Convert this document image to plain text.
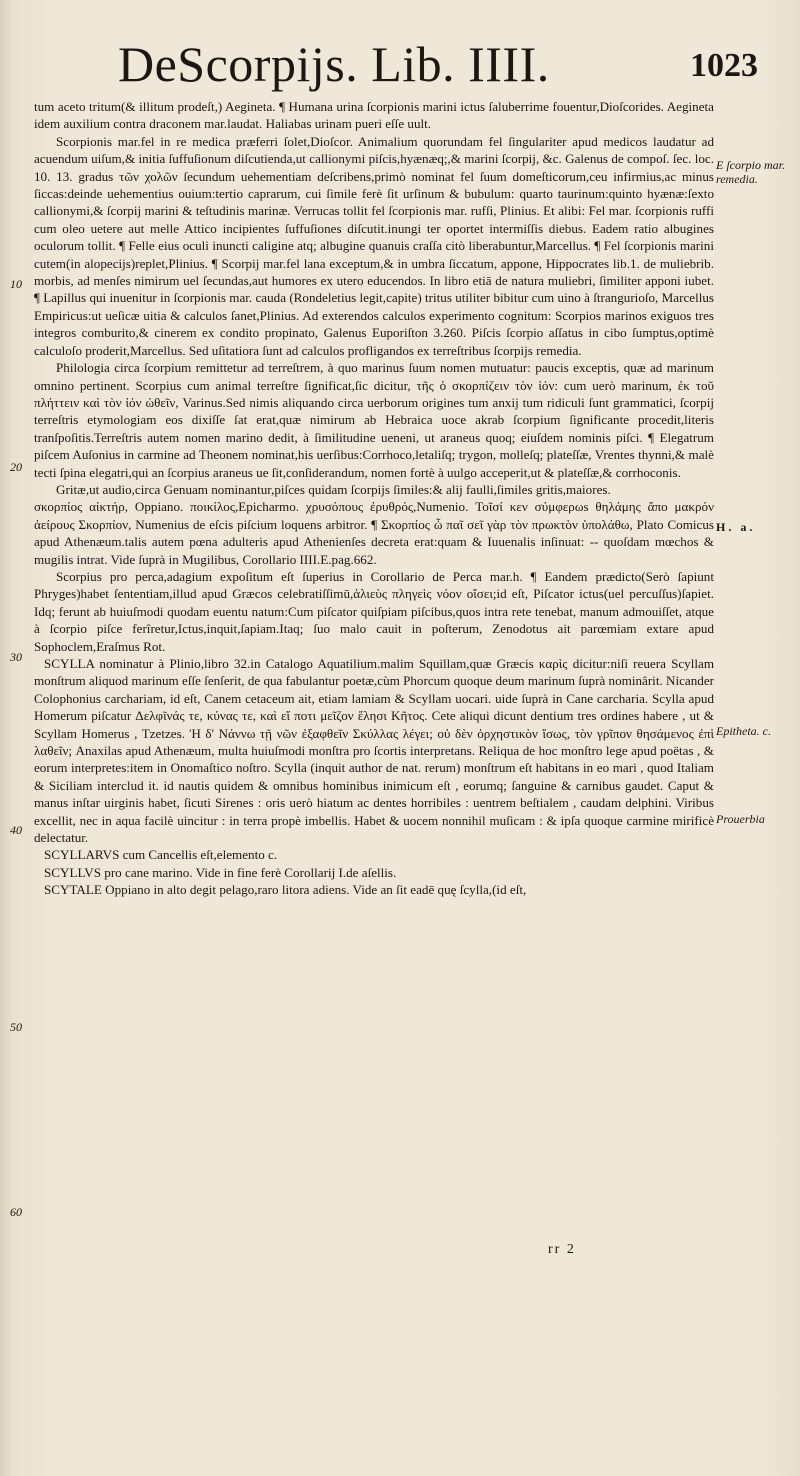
DeScorpijs. Lib. IIII.	1023

tum aceto tritum(& illitum prodeſt,) Aegineta. ¶ Humana urina ſcorpionis marini ictus ſaluberrime fouentur,Dioſcorides. Aegineta idem auxilium contra draconem mar.laudat. Haliabas urinam pueri eſſe uult.

Scorpionis mar.fel in re medica præferri ſolet,Dioſcor. Animalium quorundam fel ſingulariter apud medicos laudatur ad acuendum uiſum,& initia ſuffuſionum diſcutienda,ut callionymi piſcis,hyænæq;,& marini ſcorpij, &c. Galenus de compoſ. ſec. loc. 10. 13. gradus τῶν χολῶν ſecundum uehementiam deſcribens,primò nominat fel ſuum domeſticorum,ceu infirmius,ac minus ſiccas:deinde uehementius ouium:tertio caprarum, cui ſimile ferè ſit urſinum & bubulum: quarto taurinum:quinto hyænæ:ſexto callionymi,& ſcorpij marini & teſtudinis marinæ. Verrucas tollit fel ſcorpionis mar. rufſi, Plinius. Et alibi: Fel mar. ſcorpionis ruffi cum oleo uetere aut melle Attico incipientes ſuffuſiones diſcutit.inungi ter oportet intermiſſis diebus. Eadem ratio albugines oculorum tollit. ¶ Felle eius oculi inuncti caligine atq; albugine quanuis craſſa citò liberabuntur,Marcellus. ¶ Fel ſcorpionis marini cutem(in alopecijs)replet,Plinius. ¶ Scorpij mar.fel lana exceptum,& in umbra ſiccatum, appone, Hippocrates lib.1. de muliebrib. morbis, ad menſes nimirum uel ſecundas,aut humores ex utero educendos. In libro etiā de natura muliebri, ſimiliter apponi iubet. ¶ Lapillus qui inuenitur in ſcorpionis mar. cauda (Rondeletius legit,capite) tritus utiliter bibitur cum uino à ſtrangurioſo, Marcellus Empiricus:ut ueſicæ uitia & calculos ſanet,Plinius. Ad exterendos calculos experimento cognitum: Scorpios marinos exiguos tres integros comburito,& cinerem ex condito propinato, Galenus Euporiſton 3.260. Piſcis ſcorpio aſſatus in cibo ſumptus,optimè calculoſo proderit,Marcellus. Sed uſitatiora ſunt ad calculos profligandos ex terreſtribus ſcorpijs remedia.

Philologia circa ſcorpium remittetur ad terreſtrem, à quo marinus ſuum nomen mutuatur: paucis exceptis, quæ ad marinum omnino pertinent. Scorpius cum animal terreſtre ſignificat,ſic dicitur, τῆς ὁ σκορπίζειν τὸν ἰόν: cum uerò marinum, ἐκ τοῦ πλήττειν καὶ τὸν ἰόν ὠθεῖν, Varinus.Sed nimis aliquando circa uerborum origines tum anxij tum ridiculi ſunt grammatici, ſcorpij terreſtris etymologiam eos dixiſſe ſat erat,quæ nimirum ab Hebraica uoce akrab ſcorpium ſignificante procedit,literis tranſpoſitis.Terreſtris autem nomen marino dedit, à ſimilitudine ueneni, ut araneus quoq; eiuſdem nominis piſci. ¶ Elegatrum piſcem Auſonius in carmine ad Theonem nominat,his uerſibus:Corrhoco,letaliſq; trygon, molleſq; plateſſæ, Vrentes thynni,& malè tecti ſpina elegatri,qui an ſcorpius araneus ue ſit,conſiderandum, nomen fortè à uulgo acceperit,ut & plateſſæ,& corrhoconis.

Gritæ,ut audio,circa Genuam nominantur,piſces quidam ſcorpijs ſimiles:& alij faulli,ſimiles gritis,maiores.

σκορπίος αἰκτήρ, Oppiano. ποικίλος,Epicharmo. χρυσόπους ἐρυθρός,Numenio. Τοῖσί κεν σύμφερωs θηλάμης ἄπο μακρόν ἀείρους Σκορπίον, Numenius de eſcis piſcium loquens arbitror. ¶ Σκορπίος ὦ παῖ σεῖ γὰρ τὸν πρωκτὸν ὑπολάθω, Plato Comicus apud Athenæum.talis autem pœna adulteris apud Athenienſes decreta erat:quam & Iuuenalis inſinuat: -- quoſdam mœchos & mugilis intrat. Vide ſuprà in Mugilibus, Corollario IIII.E.pag.662.

Scorpius pro perca,adagium expoſitum eſt ſuperius in Corollario de Perca mar.h. ¶ Eandem prædicto(Serò ſapiunt Phryges)habet ſententiam,illud apud Græcos celebratiſſimū,ἁλιεὺς πληγεὶς νόον οἴσει;id eſt, Piſcator ictus(uel percuſſus)ſapiet. Idq; ferunt ab huiuſmodi quodam euentu natum:Cum piſcator quiſpiam piſcibus,quos intra rete tenebat, manum admouiſſet, atque à ſcorpio piſce ferîretur,Ictus,inquit,ſapiam.Itaq; ſuo malo cauit in poſterum, Zenodotus ait parœmiam extare apud Sophoclem,Eraſmus Rot.

SCYLLA nominatur à Plinio,libro 32.in Catalogo Aquatilium.malim Squillam,quæ Græcis καρὶς dicitur:niſi reuera Scyllam monſtrum aliquod marinum eſſe ſenſerit, de qua fabulantur poetæ,cùm Phorcum quoque deum marinum ſuprà nominârit. Nicander Colophonius carchariam, id eſt, Canem cetaceum ait, etiam lamiam & Scyllam uocari. uide ſuprà in Cane carcharia. Scylla apud Homerum piſcatur Δελφῖνάς τε, κύνας τε, καὶ εἴ ποτι μεῖζον ἕλησι Κῆτος. Cete aliqui dicunt dentium tres ordines habere , ut & Scyllam Homerus , Tzetzes. Ἡ δ' Νάννω τῇ νῶν ἐξαφθεῖν Σκύλλας λέγει; οὐ δὲν ὀρχηστικὸν ἴσως, τὸν γρῖπον θησάμενος ἐπὶ λαθεῖν; Anaxilas apud Athenæum, multa huiuſmodi monſtra pro ſcortis interpretans. Reliqua de hoc monſtro lege apud poëtas , & eorum interpretes:item in Onomaſtico noſtro. Scylla (inquit author de nat. rerum) monſtrum eſt habitans in eo mari , quod Italiam & Siciliam interclud it. id nautis quidem & omnibus hominibus inimicum eſt , eorumq; ſanguine & carnibus gaudet. Caput & manus inſtar uirginis habet, ſicuti Sirenes : oris uerò hiatum ac dentes horribiles : uentrem beſtialem , caudam delphini. Viribus excellit, nec in aqua facilè uincitur : in terra propè imbellis. Habet & uocem nonnihil muſicam : & ipſa quoque carmine mirificè delectatur.

SCYLLARVS cum Cancellis eſt,elemento c.

SCYLLVS pro cane marino. Vide in fine ferè Corollarij I.de aſellis.

SCYTALE Oppiano in alto degit pelago,raro litora adiens. Vide an ſit eadē quę ſcylla,(id eſt,

10
20
30
40
50
60
E ſcorpio mar. remedia.
H. a.
Epitheta. c.
Prouerbia
rr 2
